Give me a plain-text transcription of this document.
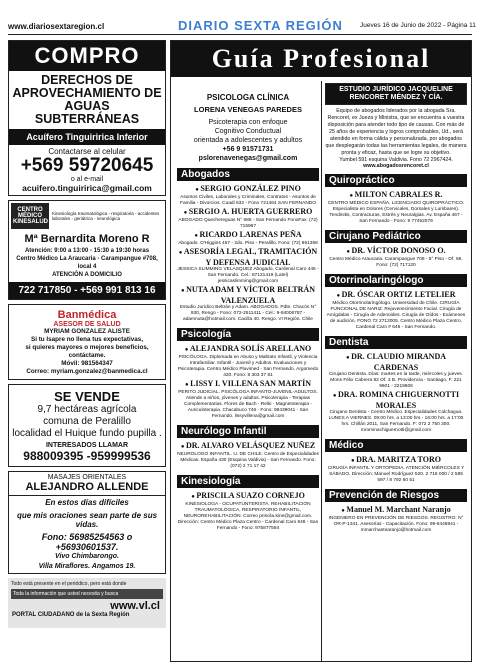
www.diariosextaregion.cl	DIARIO SEXTA REGIÓN	Jueves 16 de Junio de 2022 - Página 11
COMPRO
DERECHOS DE APROVECHAMIENTO DE AGUAS SUBTERRÁNEAS
Acuífero Tinguiririca Inferior
Contactarse al celular
+569 59720645
o al e-mail
acuifero.tinguiririca@gmail.com
CENTRO MÉDICO KINESALUD
Kinesiología traumatológica - respiratoria - accidentes laborales - geriátrica - neurológica
Mª Bernardita Moreno R
Atención: 9:00 a 13:00 - 15:30 a 19:30 horas
Centro Médico La Araucaria - Carampangue #708, local 4
ATENCIÓN A DOMICILIO
722 717850 - +569 991 813 16
Banmédica
ASESOR DE SALUD
MYRIAM GONZALEZ ALISTE
Si tu Isapre no llena tus expectativas,
si quieres mayores o mejores beneficios,
contáctame.
Móvil: 981564347
Correo: myriam.gonzalez@banmedica.cl
SE VENDE
9,7 hectáreas agrícola
comuna de Peralillo
localidad el Huique fundo pupilla .
INTERESADOS LLAMAR
988009395 -959999536
MASAJES ORIENTALES
ALEJANDRO ALLENDE
En estos días difíciles
que mis oraciones sean parte de sus vidas.
Fono: 56985254563 o +56930601537.
Vivo Chimbarongo.
Villa Miraflores. Angamos 19.
Todo está presente en el periódico, pero está donde
Toda la información que usted necesita y busca
PORTAL CIUDADANO de la Sexta Región
www.vl.cl
Guía Profesional
PSICOLOGA CLÍNICA
LORENA VENEGAS PAREDES
Psicoterapia con enfoque
Cognitivo Conductual
orientada a adolescentes y adultos
+56 9 91571731
pslorenavenegas@gmail.com
Abogados
● SERGIO GONZÁLEZ PINO
Asuntos Civiles, Laborales y Criminales. Contratos - Asuntos de Familia - Divorcios. Cuadi 532 - Fono 721464 SAN FERNANDO
● SERGIO A. HUERTA GUERRERO
ABOGADO Quechereguas N° 688 - San Fernando FonoFax: (72) 715967
● RICARDO LARENAS PEÑA
Abogado. O'Higgins 457 - 2do. Piso - Peralillo. Fono: (72) 861368
● ASESORÍA LEGAL, TRAMITACIÓN Y DEFENSA JUDICIAL
JESSICA SLIMMING VELASQUEZ Abogado. Cardenal Caro 445 - San Fernando. Cel.: 87121419 (Latel) jessicaslimming@gmail.com
● NUTA ADAM Y VÍCTOR BELTRÁN VALENZUELA
Estudio Jurídico Beltrán y Adam. ABOGADOS. Pdte. Chacón N° 930, Rengo - Fono: 072-2511411 - Cel.: 9-94006787 - adamnuta@hotmail.com. Cacilla 40. Rengo. VI Región. Chile
Psicología
● ALEJANDRA SOLÍS ARELLANO
PSICÓLOGA. Diplomada en Abuso y Maltrato Infantil, y Violencia Intrafamiliar. Infantil - Juvenil y Adultos. Evaluaciones y Psicoterapia. Centro Médico Pluvimed - San Fernando. Argomedo 420. Fono: 8 303 37 81
● LISSY I. VILLENA SAN MARTÍN
PERITO JUDICIAL. PSICÓLOGA INFANTO-JUVENIL-ADULTOS. Atiende a niños, jóvenes y adultos. Psicoterapia - Terapias Complementarias. Flores de Bach - Reiki - Magnetoterapia - Auriculoterapia. Chacabuco 746 - Fono: 98439041 - San Fernando. lissyvillena@gmail.com
Neurólogo Infantil
● DR. ALVARO VELÁSQUEZ NUÑEZ
NEUROLOGO INFANTIL. U. DE CHILE. Centro de Especialidades Médicas. España 430 (Esquina Valdivia) - San Fernando. Fono: (072) 2 71 17 42
Kinesiología
● PRISCILA SUAZO CORNEJO
KINESIOLOGA - OCUPATUNTERISTA. REHABILITACIÓN TRAUMATOLÓGICA, RESPIRATORIO INFANTIL, NEUROREHABILITACIÓN. Correo priscila.kine@gmail.com. Dirección: Centro Médico Plaza Centro - Cardenal Caro 646 - San Fernando - Fono: 975877584
ESTUDIO JURÍDICO JACQUELINE RENCORET MÉNDEZ Y CÍA.
Equipo de abogados liderados por la abogada Sra. Rencoret, ex Jueza y Ministra, que se encuentra a vuestra disposición para atender todo tipo de causas. Con más de 25 años de experiencia y logros comprobables, Ud., será atendido en forma cálida y personalizada, por abogados que desplegarán todas las herramientas legales, de manera pronta y eficaz, hasta que se logre su objetivo.
Yumbel 591 esquina Valdivia. Fono 72 2967424.
www.abogadosrencoret.cl
Quiropráctico
● MILTON CABRALES R.
CENTRO MÉDICO ESPAÑA. LICENCIADO QUIROPRÁCTICO. Especialista en Dolores (Cervicales, Dorsales y Lumbares). Tendinitis, Contracturas, Estrés y Neuralgias. Av. España 467 - San Fernando - Fono: 9 77452079
Cirujano Pediátrico
● DR. VÍCTOR DONOSO O.
Centro Médico Araucaria. Carampangue 708 - 5° Piso - Of. 56. Fono: (72) 717120
Otorrinolaringólogo
● DR. ÓSCAR ORTIZ LETELIER
Médico Otorrinolaringólogo. Universidad de Chile. CIRUGÍA FUNCIONAL DE NARIZ. Rejuvenecimiento Facial. Cirugía de Amígdalas - Cirugía de Adenoides. Cirugía de Oídos - Exámenes de audición. FONO 72 2712005. Centro Médico Plaza Centro. Cardenal Caro # 646 - San Fernando.
Dentista
● DR. CLAUDIO MIRANDA CARDENAS
Cirujano Dentista. Días: martes en la tarde, miércoles y jueves. Mons Félix Cabrera 82 Of. 3 B. Providencia - Santiago. F. 221 9601 - 2219606
● DRA. ROMINA CHIGUERNOTTI MORALES
Cirujano Dentista - Centro Médico. Especialidades Colchagua. LUNES A VIERNES. 09:00 hrs. a 13:00 hrs - 16:00 hrs. a 17:00 hrs. Chillán 2011, San Fernando. F: 072 2 750 300. mrominachiguernotti@gmail.com
Médico
● DRA. MARITZA TORO
CIRUGÍA INFANTIL Y ORTOPEDIA. ATENCIÓN MIÉRCOLES Y SÁBADO. Dirección: Manuel Rodríguez 520. 2 716 000 / 2 585 597 / 8 792 60 51
Prevención de Riesgos
● Manuel M. Marchant Naranjo
INGENIERO EN PREVENCIÓN DE RIESGOS. REGISTRO: N° OR-P-1341. Asesorías - Capacitación. Fono: 99-6448841 - mmarchantnaranjo@hotmail.com
